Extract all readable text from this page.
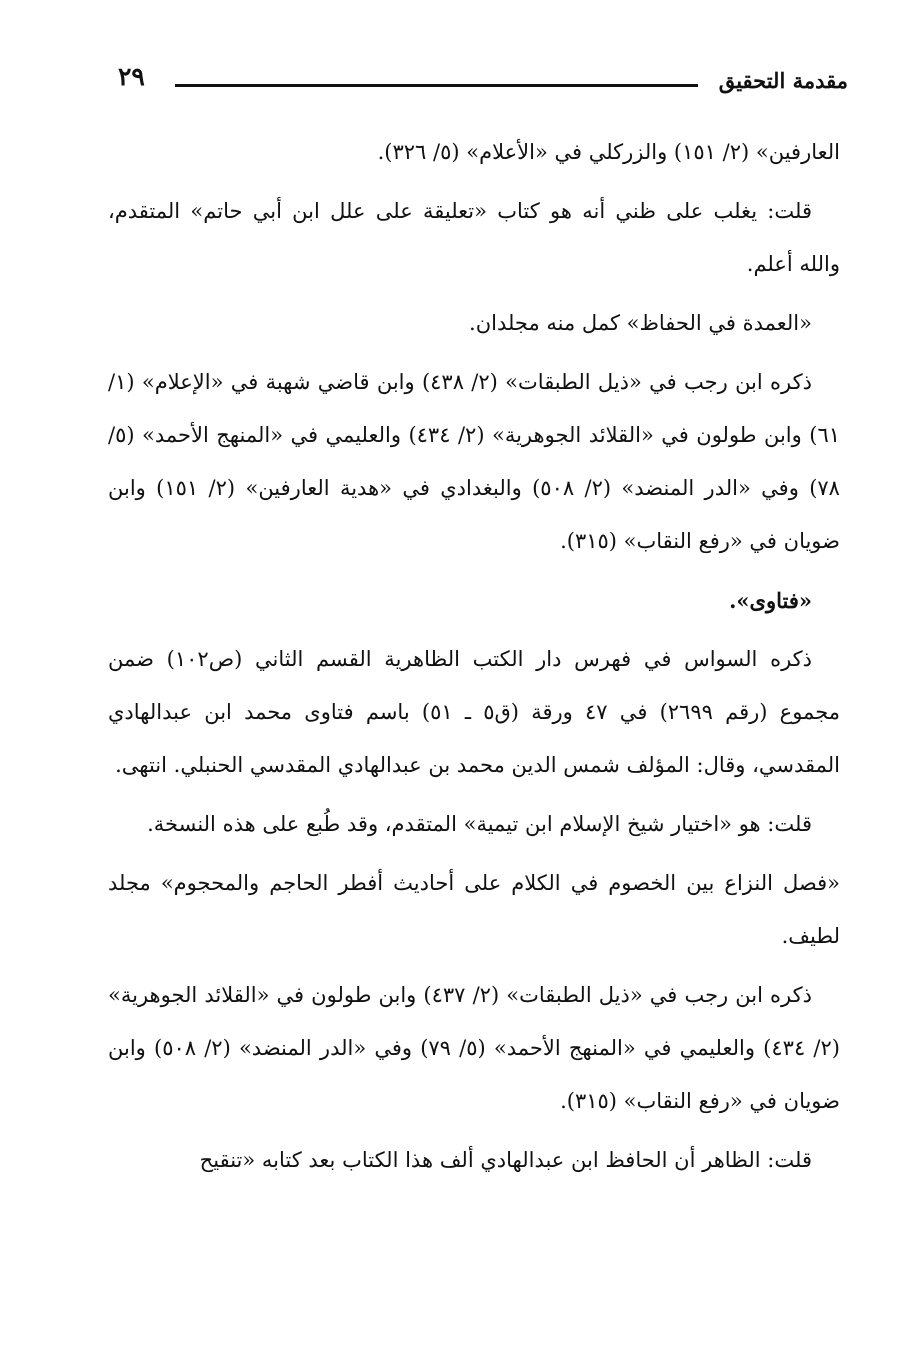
مقدمة التحقيق
٢٩

العارفين» (٢/ ١٥١) والزركلي في «الأعلام» (٥/ ٣٢٦).

قلت: يغلب على ظني أنه هو كتاب «تعليقة على علل ابن أبي حاتم» المتقدم، والله أعلم.

«العمدة في الحفاظ» كمل منه مجلدان.

ذكره ابن رجب في «ذيل الطبقات» (٢/ ٤٣٨) وابن قاضي شهبة في «الإعلام» (١/ ٦١) وابن طولون في «القلائد الجوهرية» (٢/ ٤٣٤) والعليمي في «المنهج الأحمد» (٥/ ٧٨) وفي «الدر المنضد» (٢/ ٥٠٨) والبغدادي في «هدية العارفين» (٢/ ١٥١) وابن ضويان في «رفع النقاب» (٣١٥).

«فتاوى».

ذكره السواس في فهرس دار الكتب الظاهرية القسم الثاني (ص١٠٢) ضمن مجموع (رقم ٢٦٩٩) في ٤٧ ورقة (ق٥ ـ ٥١) باسم فتاوى محمد ابن عبدالهادي المقدسي، وقال: المؤلف شمس الدين محمد بن عبدالهادي المقدسي الحنبلي. انتهى.

قلت: هو «اختيار شيخ الإسلام ابن تيمية» المتقدم، وقد طُبع على هذه النسخة.

«فصل النزاع بين الخصوم في الكلام على أحاديث أفطر الحاجم والمحجوم» مجلد لطيف.

ذكره ابن رجب في «ذيل الطبقات» (٢/ ٤٣٧) وابن طولون في «القلائد الجوهرية» (٢/ ٤٣٤) والعليمي في «المنهج الأحمد» (٥/ ٧٩) وفي «الدر المنضد» (٢/ ٥٠٨) وابن ضويان في «رفع النقاب» (٣١٥).

قلت: الظاهر أن الحافظ ابن عبدالهادي ألف هذا الكتاب بعد كتابه «تنقيح
